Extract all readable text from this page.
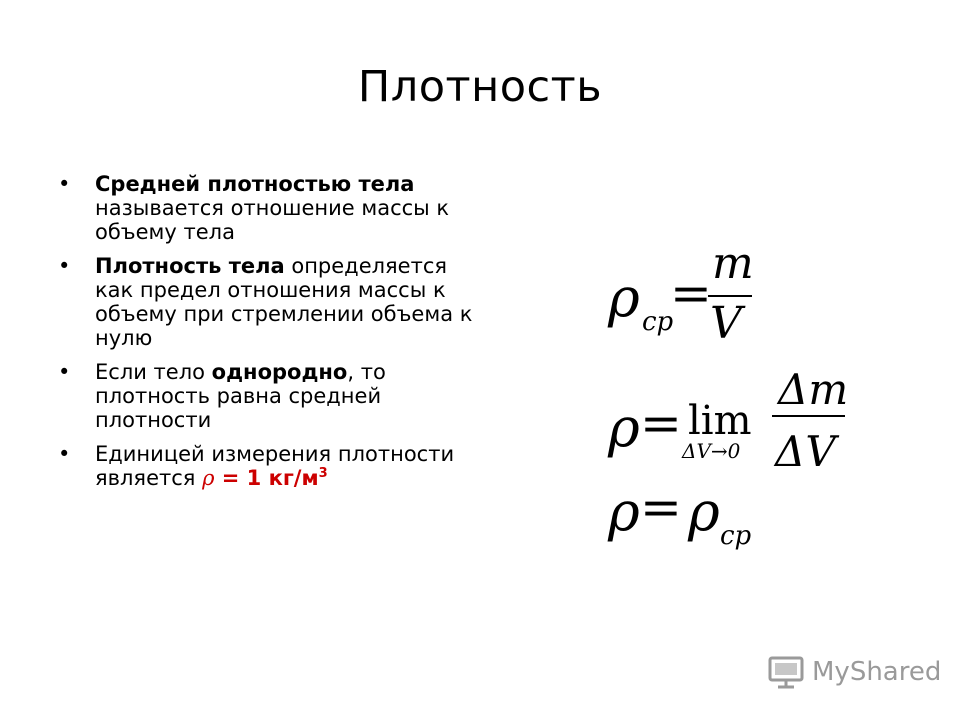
Плотность
• Средней плотностью тела называется отношение массы к объему тела
• Плотность тела определяется как предел отношения массы к объему при стремлении объема к нулю
• Если тело однородно, то плотность равна средней плотности
• Единицей измерения плотности является ρ = 1 $кг/м^3$
ρ ср
=
m
V
ρ = lim
ΔV→0
Δm
ΔV
ρ = ρ ср
MyShared
